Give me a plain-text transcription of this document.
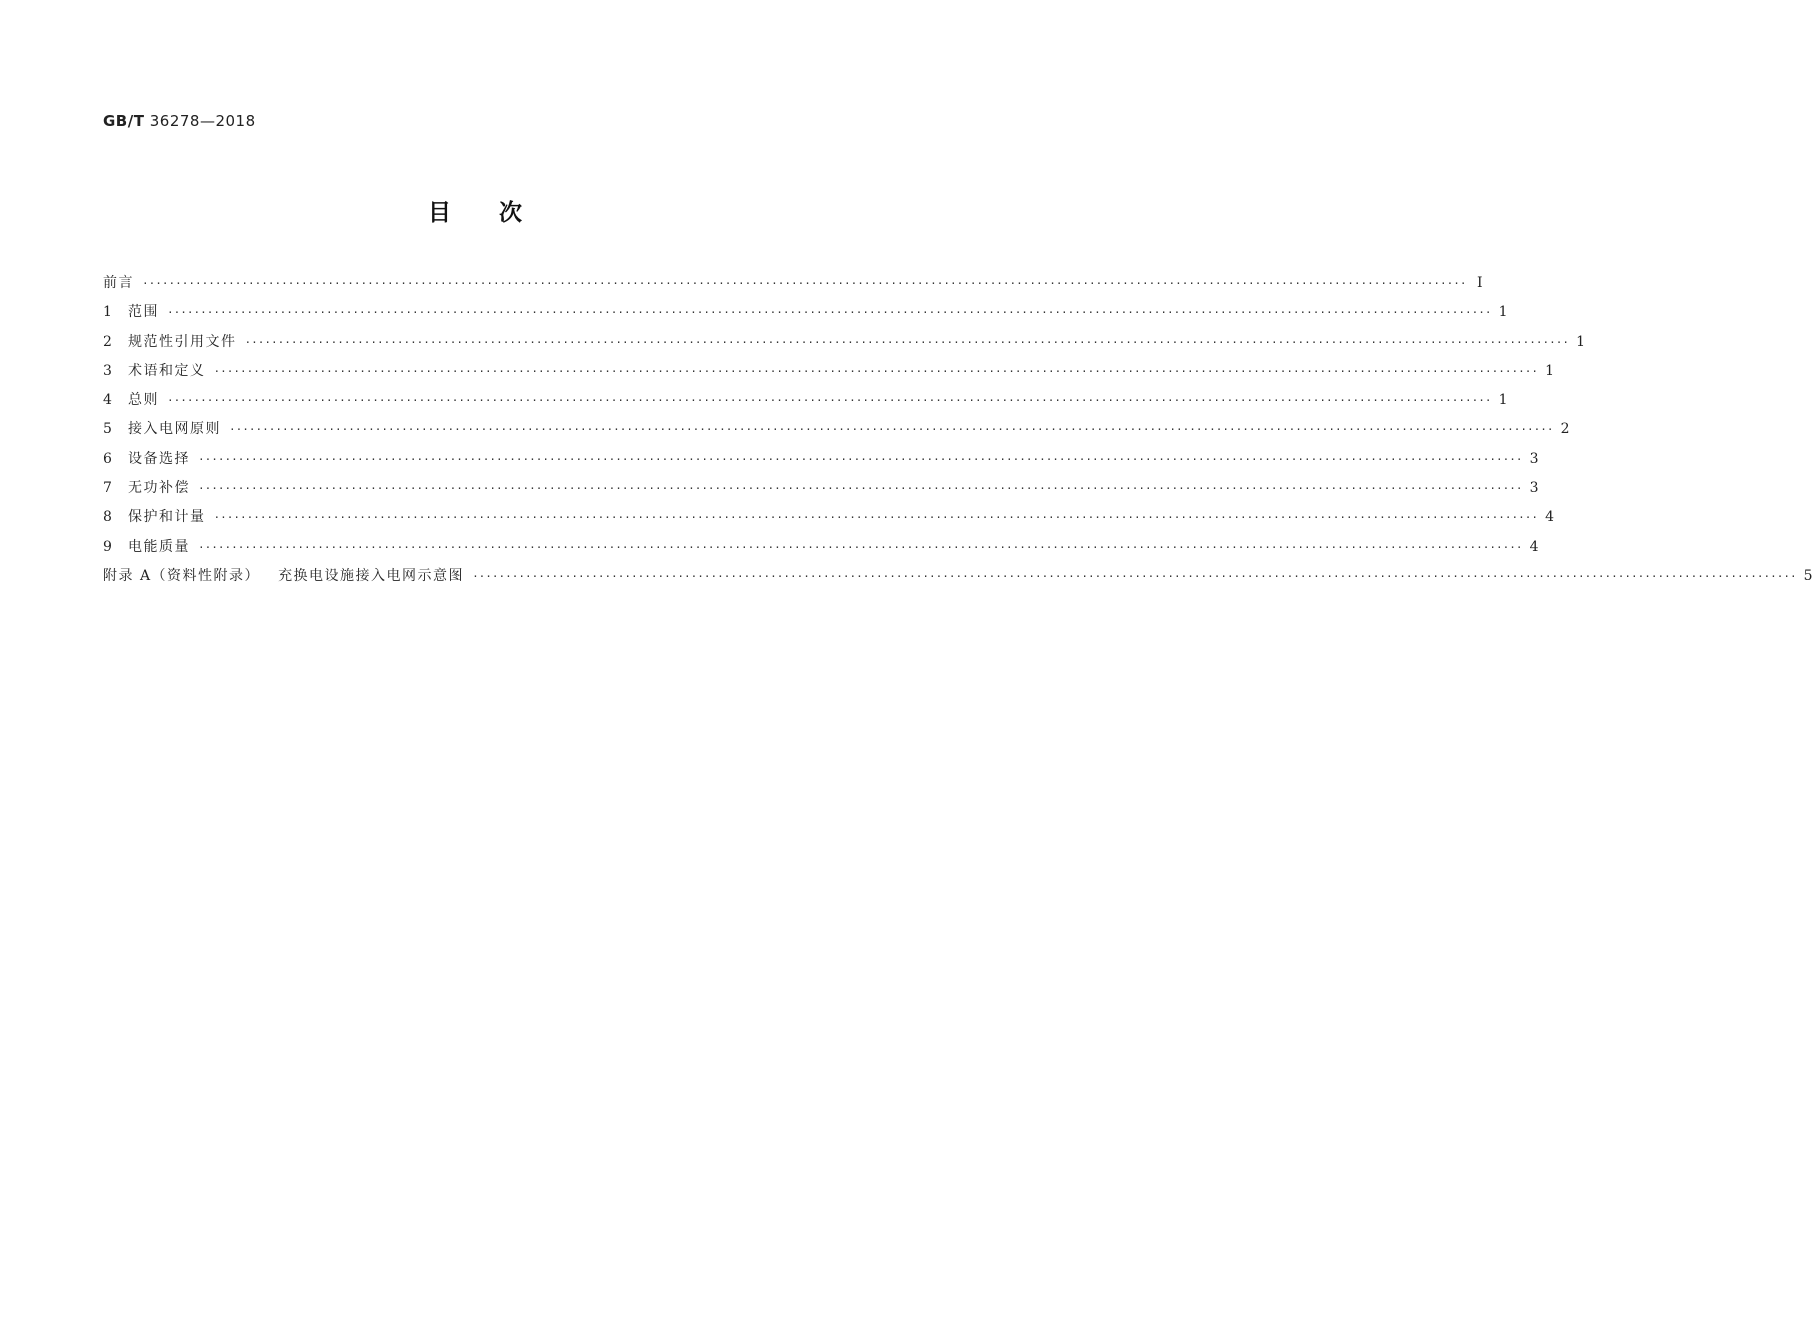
GB/T 36278—2018
目次
前言 ········································································································································································································ Ⅰ
1	范围 ········································································································································································································ 1
2	规范性引用文件 ········································································································································································································ 1
3	术语和定义 ········································································································································································································ 1
4	总则 ········································································································································································································ 1
5	接入电网原则 ········································································································································································································ 2
6	设备选择 ········································································································································································································ 3
7	无功补偿 ········································································································································································································ 3
8	保护和计量 ········································································································································································································ 4
9	电能质量 ········································································································································································································ 4
附录 A（资料性附录） 充换电设施接入电网示意图 ········································································································································································································ 5
